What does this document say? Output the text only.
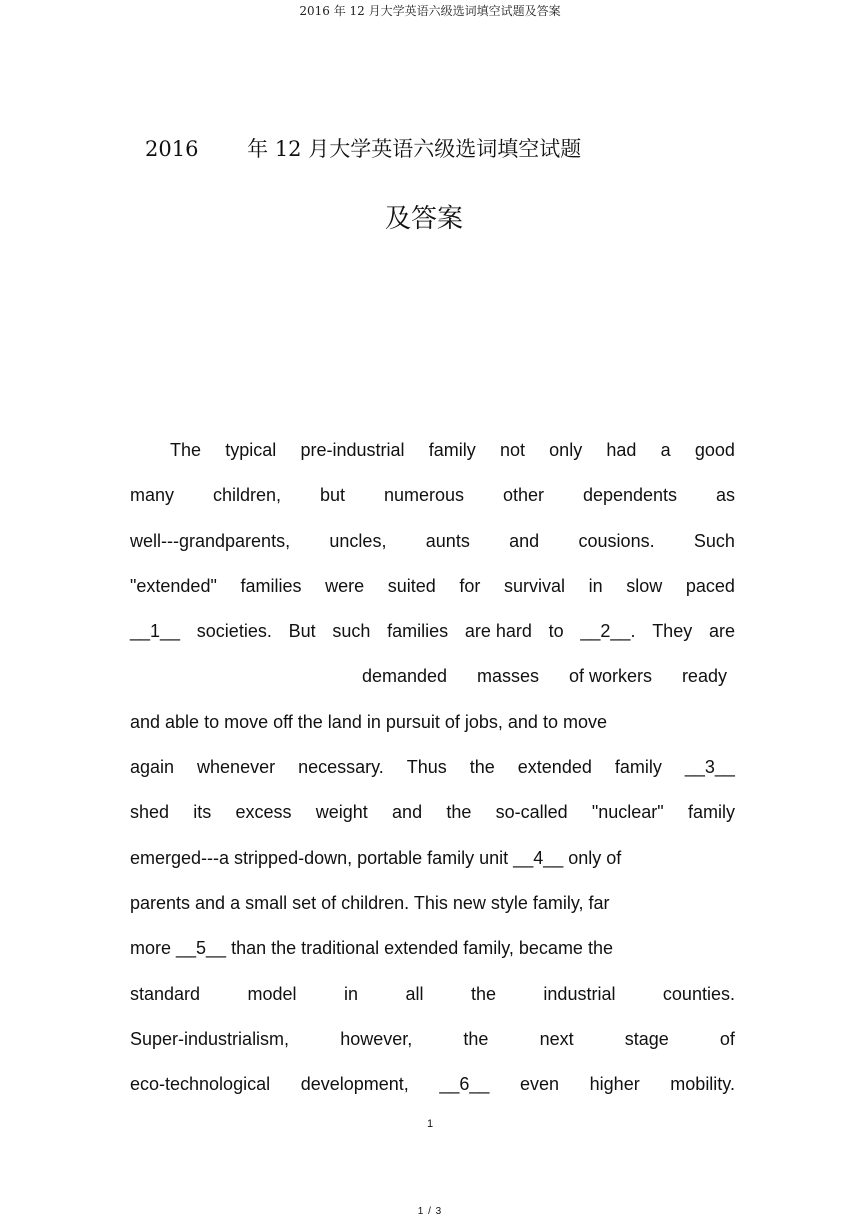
2016 年 12 月大学英语六级选词填空试题及答案
2016 年 12 月大学英语六级选词填空试题
及答案
The typical pre-industrial family not only had a good
many children, but numerous other dependents as
well---grandparents, uncles, aunts and cousions. Such
"extended" families were suited for survival in slow paced
__1__ societies. But such families are hard to __2__. They are
demanded masses of workers ready
and able to move off the land in pursuit of jobs, and to move
again whenever necessary. Thus the extended family __3__
shed its excess weight and the so-called "nuclear" family
emerged---a stripped-down, portable family unit __4__ only of
parents and a small set of children. This new style family, far
more __5__ than the traditional extended family, became the
standard	model	in	all	the	industrial	counties.
Super-industrialism,	however,	the	next	stage	of
eco-technological development, __6__ even higher mobility.
1
1 / 3
